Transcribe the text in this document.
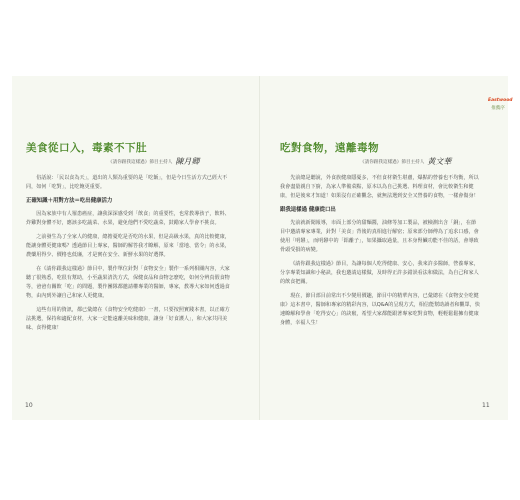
美食從口入，毒素不下肚
《請你跟我這樣過》節目主持人 陳月卿

俗話說：「民以食為天」，道出的人類為重要的是「吃飯」，但是今日生活方式已經大不同，如何「吃對」，比吃飽更重要。

正確知識＋用對方法＝吃出健康活力

因為家族中有人罹患癌症，讓我深深感受到「飲食」的重要性，也常教導孩子，飲料、炸雞對身體不好，應該多吃蔬菜、水果，避免他們不愛吃蔬菜，鼓勵家人學會不挑食。

之前發生為了全家人的健康，總擔憂吃是否吃的水果，但是高級水果，真的比較健康，能讓身體更健康嗎？透過節目上專家，醫師的解答我才瞭解，原來「當地、當令」的水果，農藥用得少、價格也低廉，才是實在安全、新鮮水果的好選擇。

在《請你跟我這樣過》節目中，製作單位針對「食物安全」製作一系列相關內容，大家聽了很熟悉，吃很有幫助，小至蔬果清洗方式，保健食品和食物怎麼吃，如何分辨真假食物等，爸爸有關飲「吃」的問題，製作團隊都邀請權專業的醫師，專家，教導大家如何透過食物，由內到外讓自己和家人更健康。

這些有用的資訊，都已彙總在《食物安全吃健康》一書，只要按照實踐本書，以正確方法挑選，保持和適配食材，大家一定能遠離美味和健康，讓身「好食護人」，和大家共同美味、食得健康！

10
吃對食物，遠離毒物
《請你跟我這樣過》節目主持人 黃文華

先前總是聽說，外食族健康隱憂多，不但食材衛生堪慮，爆點的營養也不均衡，所以我會盡量親自下廚，為家人準備菜點，原本以為自己挑選、料理食材，會比較衛生和健康，但是後來才知道！如果沒有正確觀念，就無法選到安全又營養的食物，一樣會傷身！

跟我這樣過 健康從口出

先前就新聞報導，市面上部分的甜麵醬，油條等加工製品，被檢測出含「銅」，在節目中邀請專家專業，針對「美食」背後的真相進行解密；原來部分師傅為了追求口感，會使用「明礬」，而明礬中的「鋁離子」，如果攝取過量，且本身腎臟功能不佳的話，會導致骨頭受損的病變。

《請你跟我這樣過》節目，為讓每個人吃得健康、安心，我來許多醫師，營養專家，分享專業知識和小秘訣，我也邀請這樣做，及時得正許多錯誤看法和做法，為自己和家人的飲食把關。

現在，節目部目前常出不少變用價趣，節目中的精華內容，已彙總在《食物安全吃健康》這本書中，醫師和專家的精彩內容，以Q&A的呈現方式，相信能幫助讀者和觀眾，快速瞭解和學會「吃得安心」的訣竅，希望大家都能跟著專家吃對食物，輕輕鬆鬆擁有健康身體，幸福人生！

11
Eastwood
推薦序
